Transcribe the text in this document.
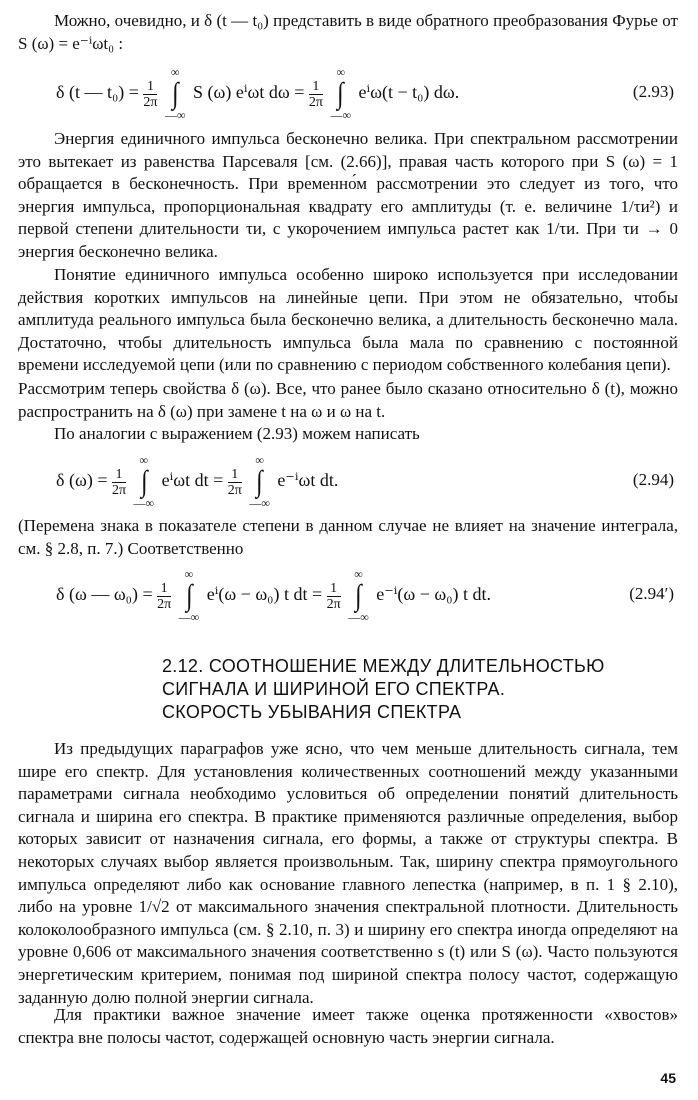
Можно, очевидно, и δ (t — t₀) представить в виде обратного преобразования Фурье от S (ω) = e⁻ⁱωt₀ :

δ (t — $t_0) = \frac{1}{2\pi}$

∞
∫
—∞
S (ω) eⁱωt $d\omega = \frac{1}{2\pi}$

∞
∫
—∞
eⁱω(t − t₀) dω.	(2.93)

Энергия единичного импульса бесконечно велика. При спектральном рассмотрении это вытекает из равенства Парсеваля [см. (2.66)], правая часть которого при S (ω) = 1 обращается в бесконечность. При временно́м рассмотрении это следует из того, что энергия импульса, пропорциональная квадрату его амплитуды (т. е. величине 1/τи²) и первой степени длительности τи, с укорочением импульса растет как 1/τи. При τи → 0 энергия бесконечно велика.

Понятие единичного импульса особенно широко используется при исследовании действия коротких импульсов на линейные цепи. При этом не обязательно, чтобы амплитуда реального импульса была бесконечно велика, а длительность бесконечно мала. Достаточно, чтобы длительность импульса была мала по сравнению с постоянной времени исследуемой цепи (или по сравнению с периодом собственного колебания цепи).

Рассмотрим теперь свойства δ (ω). Все, что ранее было сказано относительно δ (t), можно распространить на δ (ω) при замене t на ω и ω на t.

По аналогии с выражением (2.93) можем написать

δ $(\omega) = \frac{1}{2\pi}$

∞
∫
—∞
eⁱωt dt = $\frac{1}{2\pi}$

∞
∫
—∞
e⁻ⁱωt dt.	(2.94)

(Перемена знака в показателе степени в данном случае не влияет на значение интеграла, см. § 2.8, п. 7.) Соответственно

δ (ω — $\omega_0) = \frac{1}{2\pi}$

∞
∫
—∞
eⁱ(ω − ω₀) t dt = $\frac{1}{2\pi}$

∞
∫
—∞
e⁻ⁱ(ω − ω₀) t dt.	(2.94′)
2.12. СООТНОШЕНИЕ МЕЖДУ ДЛИТЕЛЬНОСТЬЮ
СИГНАЛА И ШИРИНОЙ ЕГО СПЕКТРА.
СКОРОСТЬ УБЫВАНИЯ СПЕКТРА

Из предыдущих параграфов уже ясно, что чем меньше длительность сигнала, тем шире его спектр. Для установления количественных соотношений между указанными параметрами сигнала необходимо условиться об определении понятий длительность сигнала и ширина его спектра. В практике применяются различные определения, выбор которых зависит от назначения сигнала, его формы, а также от структуры спектра. В некоторых случаях выбор является произвольным. Так, ширину спектра прямоугольного импульса определяют либо как основание главного лепестка (например, в п. 1 § 2.10), либо на уровне 1/√2 от максимального значения спектральной плотности. Длительность колоколообразного импульса (см. § 2.10, п. 3) и ширину его спектра иногда определяют на уровне 0,606 от максимального значения соответственно s (t) или S (ω). Часто пользуются энергетическим критерием, понимая под шириной спектра полосу частот, содержащую заданную долю полной энергии сигнала.

Для практики важное значение имеет также оценка протяженности «хвостов» спектра вне полосы частот, содержащей основную часть энергии сигнала.

45
